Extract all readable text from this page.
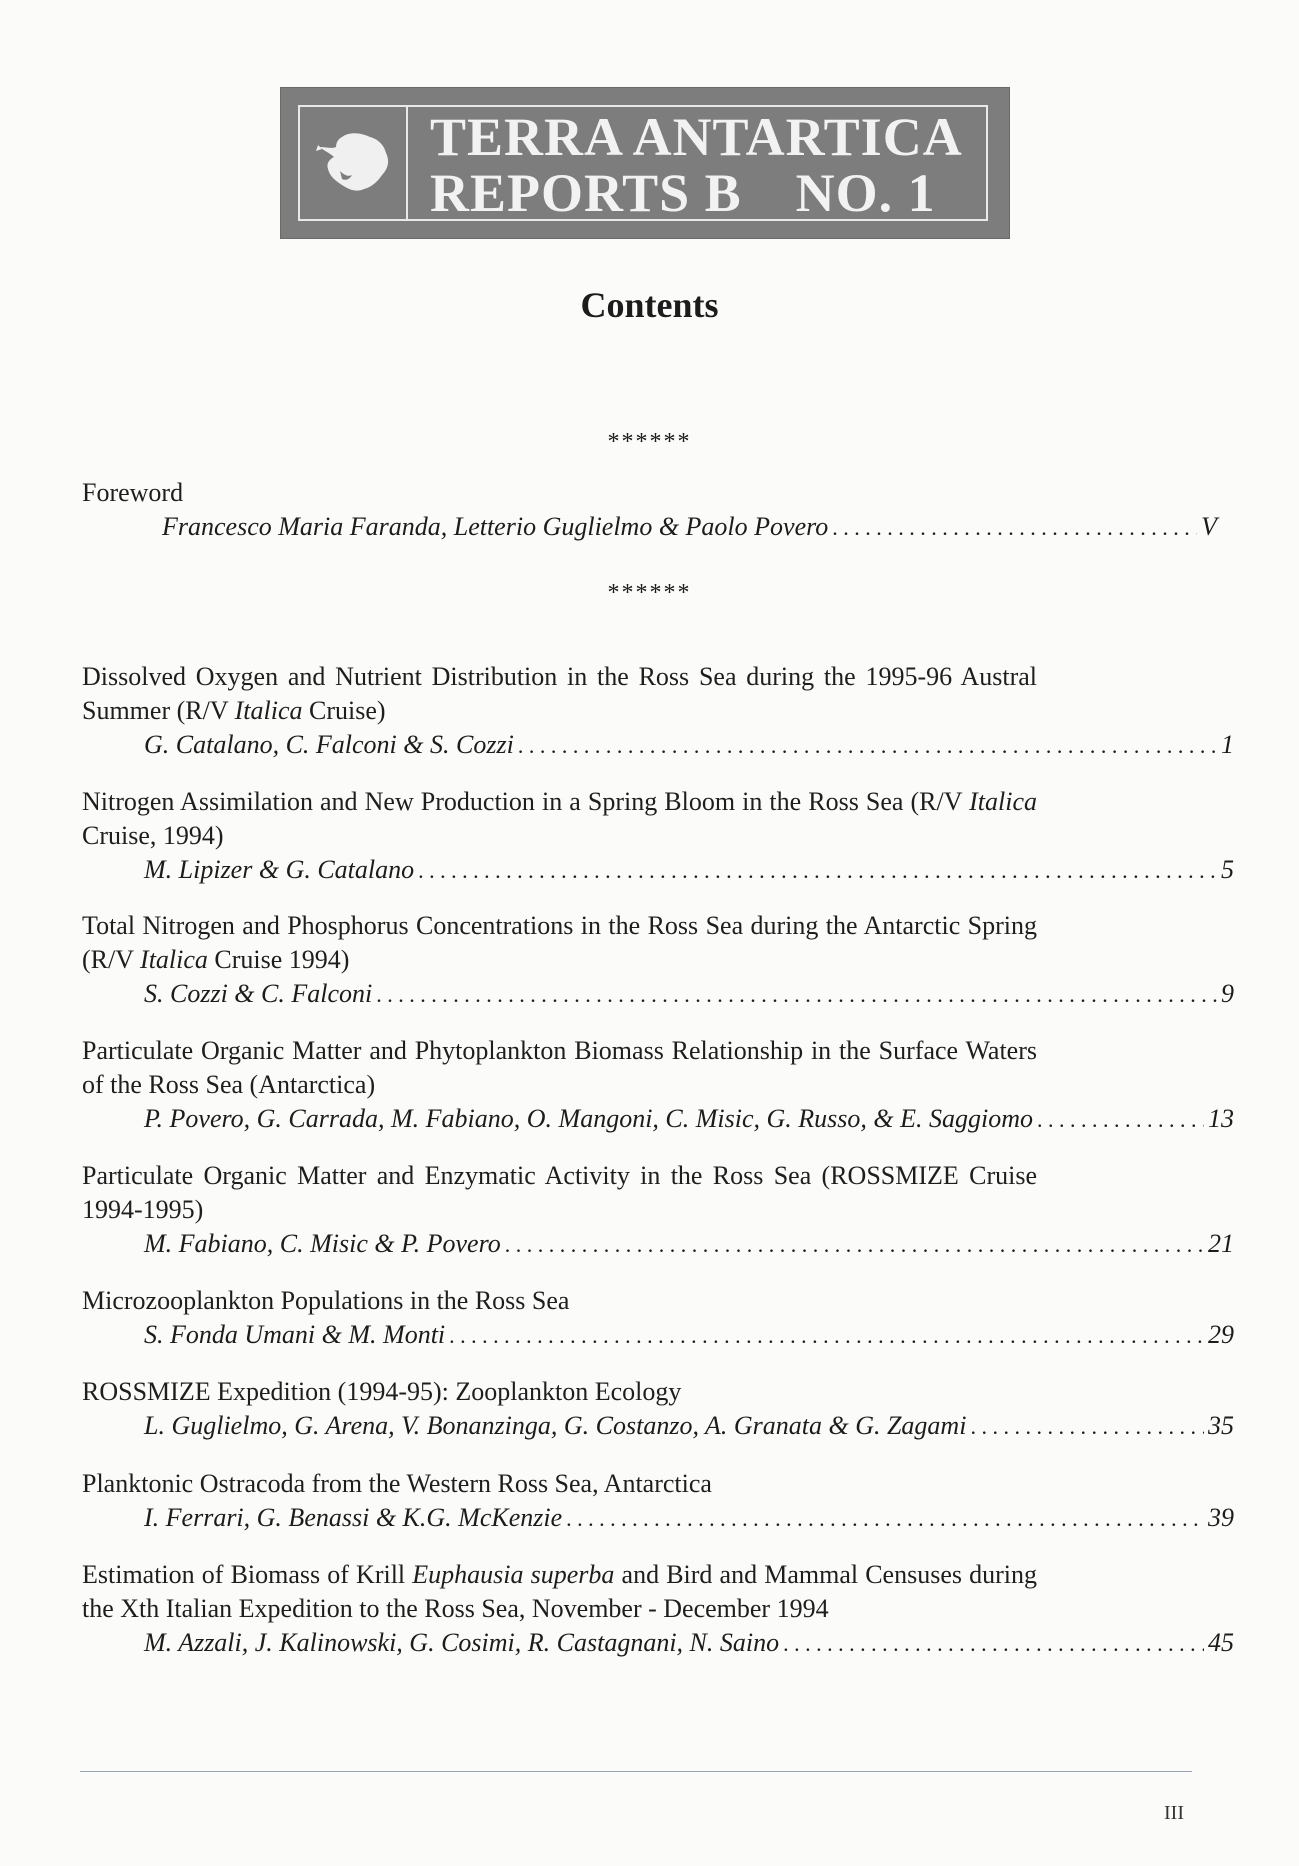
TERRA ANTARTICA
REPORTS B NO. 1
Contents
******
Foreword
Francesco Maria Faranda, Letterio Guglielmo & Paolo Povero . . .	V
******
Dissolved Oxygen and Nutrient Distribution in the Ross Sea during the 1995-96 Austral Summer (R/V Italica Cruise)
G. Catalano, C. Falconi & S. Cozzi . . .	1
Nitrogen Assimilation and New Production in a Spring Bloom in the Ross Sea (R/V Italica Cruise, 1994)
M. Lipizer & G. Catalano . . .	5
Total Nitrogen and Phosphorus Concentrations in the Ross Sea during the Antarctic Spring (R/V Italica Cruise 1994)
S. Cozzi & C. Falconi . . .	9
Particulate Organic Matter and Phytoplankton Biomass Relationship in the Surface Waters of the Ross Sea (Antarctica)
P. Povero, G. Carrada, M. Fabiano, O. Mangoni, C. Misic, G. Russo, & E. Saggiomo . . .	13
Particulate Organic Matter and Enzymatic Activity in the Ross Sea (ROSSMIZE Cruise 1994-1995)
M. Fabiano, C. Misic & P. Povero . . .	21
Microzooplankton Populations in the Ross Sea
S. Fonda Umani & M. Monti . . .	29
ROSSMIZE Expedition (1994-95): Zooplankton Ecology
L. Guglielmo, G. Arena, V. Bonanzinga, G. Costanzo, A. Granata & G. Zagami . . .	35
Planktonic Ostracoda from the Western Ross Sea, Antarctica
I. Ferrari, G. Benassi & K.G. McKenzie . . .	39
Estimation of Biomass of Krill Euphausia superba and Bird and Mammal Censuses during the Xth Italian Expedition to the Ross Sea, November - December 1994
M. Azzali, J. Kalinowski, G. Cosimi, R. Castagnani, N. Saino . . .	45
III
